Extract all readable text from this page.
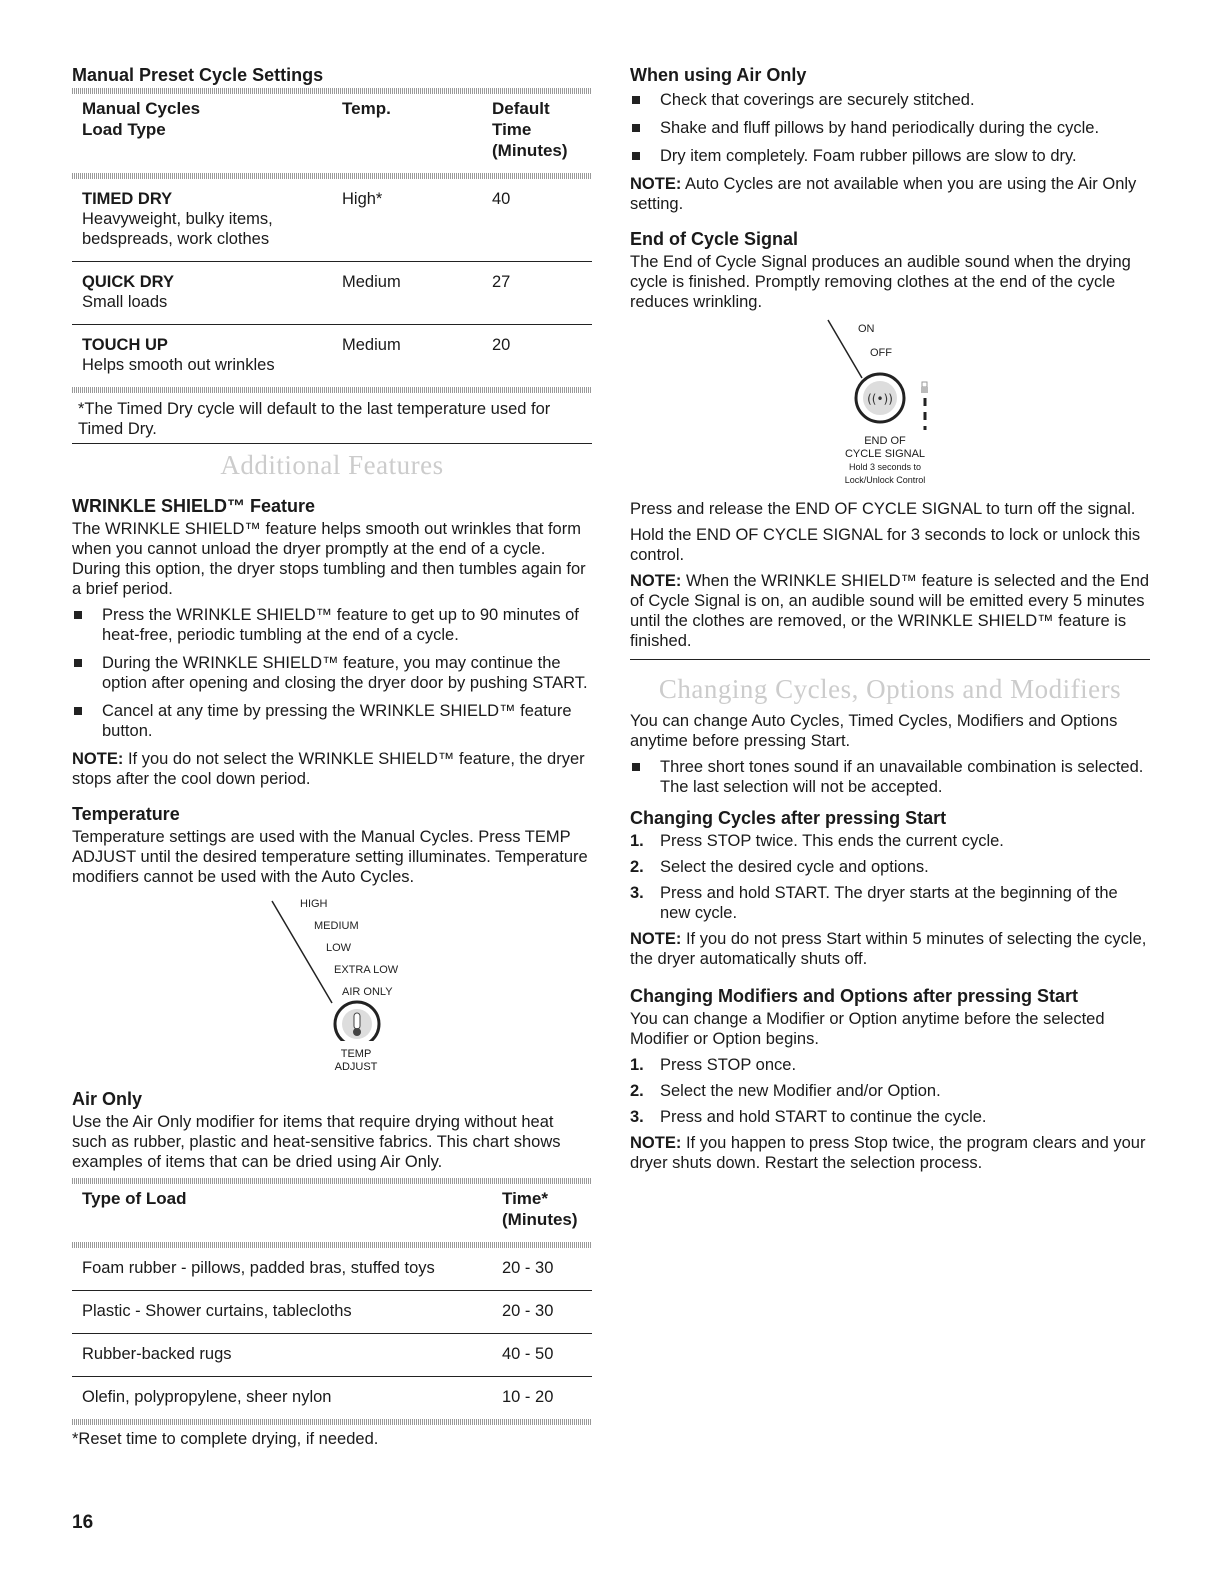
Manual Preset Cycle Settings
Manual Cycles
Load Type	Temp.	Default Time
(Minutes)
TIMED DRY
Heavyweight, bulky items, bedspreads, work clothes
	High*	40
QUICK DRY
Small loads
	Medium	27
TOUCH UP
Helps smooth out wrinkles
	Medium	20

*The Timed Dry cycle will default to the last temperature used for Timed Dry.

Additional Features
WRINKLE SHIELD™ Feature

The WRINKLE SHIELD™ feature helps smooth out wrinkles that form when you cannot unload the dryer promptly at the end of a cycle. During this option, the dryer stops tumbling and then tumbles again for a brief period.

Press the WRINKLE SHIELD™ feature to get up to 90 minutes of heat-free, periodic tumbling at the end of a cycle.
During the WRINKLE SHIELD™ feature, you may continue the option after opening and closing the dryer door by pushing START.
Cancel at any time by pressing the WRINKLE SHIELD™ feature button.

NOTE: If you do not select the WRINKLE SHIELD™ feature, the dryer stops after the cool down period.

Temperature

Temperature settings are used with the Manual Cycles. Press TEMP ADJUST until the desired temperature setting illuminates. Temperature modifiers cannot be used with the Auto Cycles.

HIGH
MEDIUM
LOW
EXTRA LOW
AIR ONLY
TEMP
ADJUST
Air Only

Use the Air Only modifier for items that require drying without heat such as rubber, plastic and heat-sensitive fabrics. This chart shows examples of items that can be dried using Air Only.

Type of Load	Time*
(Minutes)
Foam rubber - pillows, padded bras, stuffed toys	20 - 30
Plastic - Shower curtains, tablecloths	20 - 30
Rubber-backed rugs	40 - 50
Olefin, polypropylene, sheer nylon	10 - 20

*Reset time to complete drying, if needed.

16
When using Air Only
Check that coverings are securely stitched.
Shake and fluff pillows by hand periodically during the cycle.
Dry item completely. Foam rubber pillows are slow to dry.

NOTE: Auto Cycles are not available when you are using the Air Only setting.

End of Cycle Signal

The End of Cycle Signal produces an audible sound when the drying cycle is finished. Promptly removing clothes at the end of the cycle reduces wrinkling.

ON
OFF
((•))
END OF
CYCLE SIGNAL
Hold 3 seconds to
Lock/Unlock Control

Press and release the END OF CYCLE SIGNAL to turn off the signal.

Hold the END OF CYCLE SIGNAL for 3 seconds to lock or unlock this control.

NOTE: When the WRINKLE SHIELD™ feature is selected and the End of Cycle Signal is on, an audible sound will be emitted every 5 minutes until the clothes are removed, or the WRINKLE SHIELD™ feature is finished.

Changing Cycles, Options and Modifiers

You can change Auto Cycles, Timed Cycles, Modifiers and Options anytime before pressing Start.

Three short tones sound if an unavailable combination is selected. The last selection will not be accepted.
Changing Cycles after pressing Start
1. Press STOP twice. This ends the current cycle.
2. Select the desired cycle and options.
3. Press and hold START. The dryer starts at the beginning of the new cycle.

NOTE: If you do not press Start within 5 minutes of selecting the cycle, the dryer automatically shuts off.

Changing Modifiers and Options after pressing Start

You can change a Modifier or Option anytime before the selected Modifier or Option begins.

1. Press STOP once.
2. Select the new Modifier and/or Option.
3. Press and hold START to continue the cycle.

NOTE: If you happen to press Stop twice, the program clears and your dryer shuts down. Restart the selection process.
